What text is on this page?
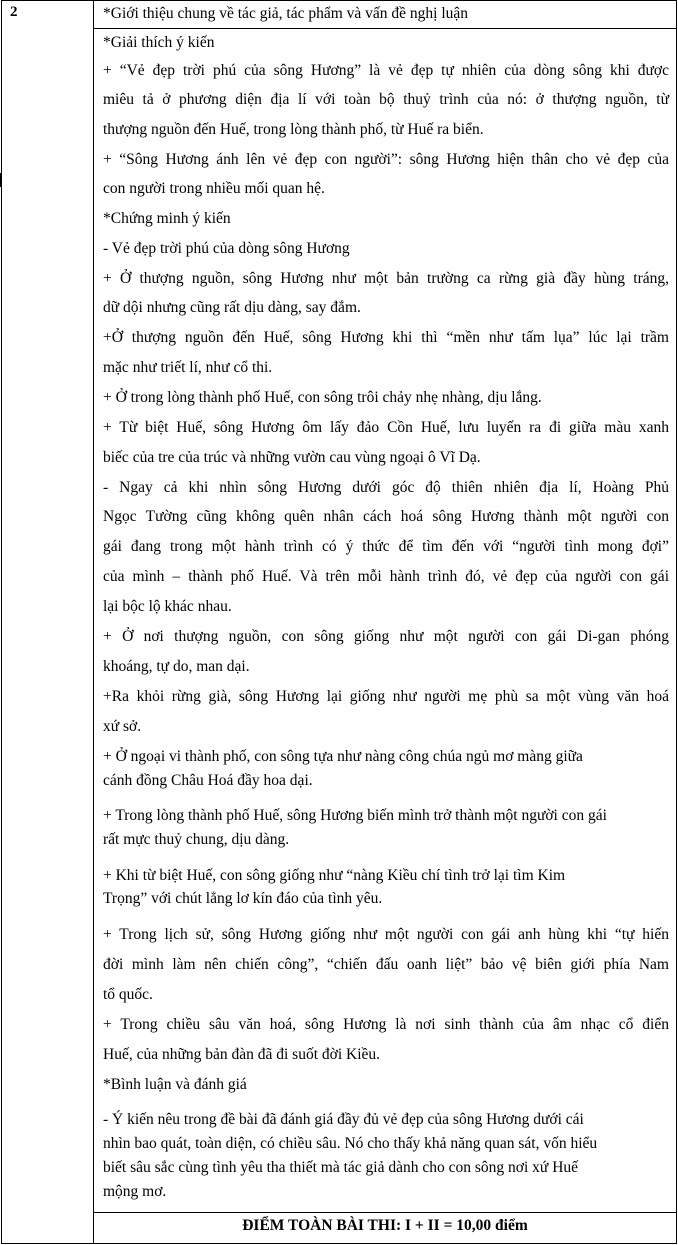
2	*Giới thiệu chung về tác giả, tác phẩm và vấn đề nghị luận
*Giải thích ý kiến
+ “Vẻ đẹp trời phú của sông Hương” là vẻ đẹp tự nhiên của dòng sông khi được
miêu tả ở phương diện địa lí với toàn bộ thuỷ trình của nó: ở thượng nguồn, từ
thượng nguồn đến Huế, trong lòng thành phố, từ Huế ra biển.
+ “Sông Hương ánh lên vẻ đẹp con người”: sông Hương hiện thân cho vẻ đẹp của
con người trong nhiều mối quan hệ.
*Chứng minh ý kiến
- Vẻ đẹp trời phú của dòng sông Hương
+ Ở thượng nguồn, sông Hương như một bản trường ca rừng già đầy hùng tráng,
dữ dội nhưng cũng rất dịu dàng, say đắm.
+Ở thượng nguồn đến Huế, sông Hương khi thì “mền như tấm lụa” lúc lại trầm
mặc như triết lí, như cổ thi.
+ Ở trong lòng thành phố Huế, con sông trôi chảy nhẹ nhàng, dịu lắng.
+ Từ biệt Huế, sông Hương ôm lấy đảo Cồn Huế, lưu luyến ra đi giữa màu xanh
biếc của tre của trúc và những vườn cau vùng ngoại ô Vĩ Dạ.
- Ngay cả khi nhìn sông Hương dưới góc độ thiên nhiên địa lí, Hoàng Phủ
Ngọc Tường cũng không quên nhân cách hoá sông Hương thành một người con
gái đang trong một hành trình có ý thức để tìm đến với “người tình mong đợi”
của mình – thành phố Huế. Và trên mỗi hành trình đó, vẻ đẹp của người con gái
lại bộc lộ khác nhau.
+ Ở nơi thượng nguồn, con sông giống như một người con gái Di-gan phóng
khoáng, tự do, man dại.
+Ra khỏi rừng già, sông Hương lại giống như người mẹ phù sa một vùng văn hoá
xứ sở.
+ Ở ngoại vi thành phố, con sông tựa như nàng công chúa ngủ mơ màng giữa
cánh đồng Châu Hoá đầy hoa dại.
+ Trong lòng thành phố Huế, sông Hương biến mình trở thành một người con gái
rất mực thuỷ chung, dịu dàng.
+ Khi từ biệt Huế, con sông giống như “nàng Kiều chí tình trở lại tìm Kim
Trọng” với chút lẳng lơ kín đáo của tình yêu.
+ Trong lịch sử, sông Hương giống như một người con gái anh hùng khi “tự hiến
đời mình làm nên chiến công”, “chiến đấu oanh liệt” bảo vệ biên giới phía Nam
tổ quốc.
+ Trong chiều sâu văn hoá, sông Hương là nơi sinh thành của âm nhạc cổ điển
Huế, của những bản đàn đã đi suốt đời Kiều.
*Bình luận và đánh giá
- Ý kiến nêu trong đề bài đã đánh giá đầy đủ vẻ đẹp của sông Hương dưới cái
nhìn bao quát, toàn diện, có chiều sâu. Nó cho thấy khả năng quan sát, vốn hiểu
biết sâu sắc cùng tình yêu tha thiết mà tác giả dành cho con sông nơi xứ Huế
mộng mơ.
ĐIỂM TOÀN BÀI THI: I + II = 10,00 điểm
